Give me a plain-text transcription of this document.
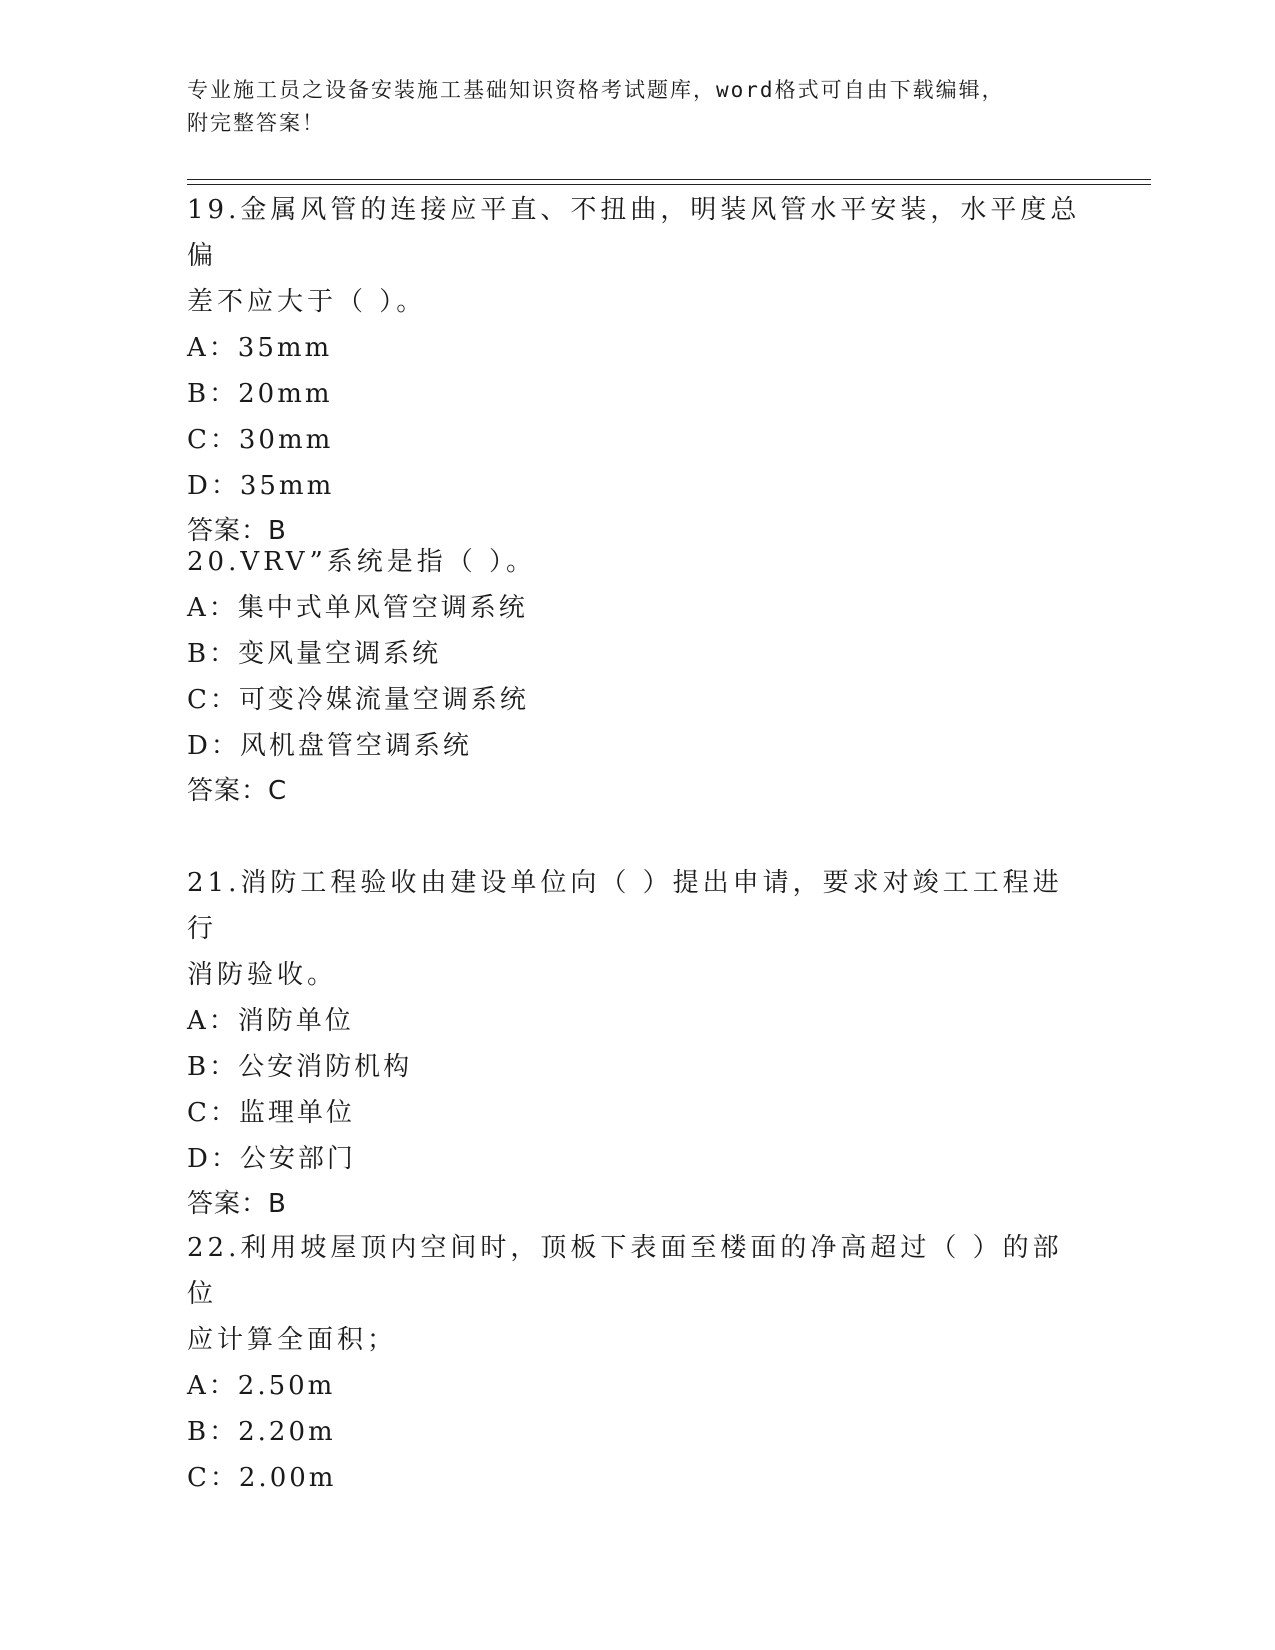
专业施工员之设备安装施工基础知识资格考试题库，word格式可自由下载编辑，
附完整答案！

19.金属风管的连接应平直、不扭曲，明装风管水平安装，水平度总偏

差不应大于（ ）。

A：35mm

B：20mm

C：30mm

D：35mm

答案：B

20.VRV”系统是指（ ）。

A：集中式单风管空调系统

B：变风量空调系统

C：可变冷媒流量空调系统

D：风机盘管空调系统

答案：C

21.消防工程验收由建设单位向（ ）提出申请，要求对竣工工程进行

消防验收。

A：消防单位

B：公安消防机构

C：监理单位

D：公安部门

答案：B

22.利用坡屋顶内空间时，顶板下表面至楼面的净高超过（ ）的部位

应计算全面积；

A：2.50m

B：2.20m

C：2.00m
